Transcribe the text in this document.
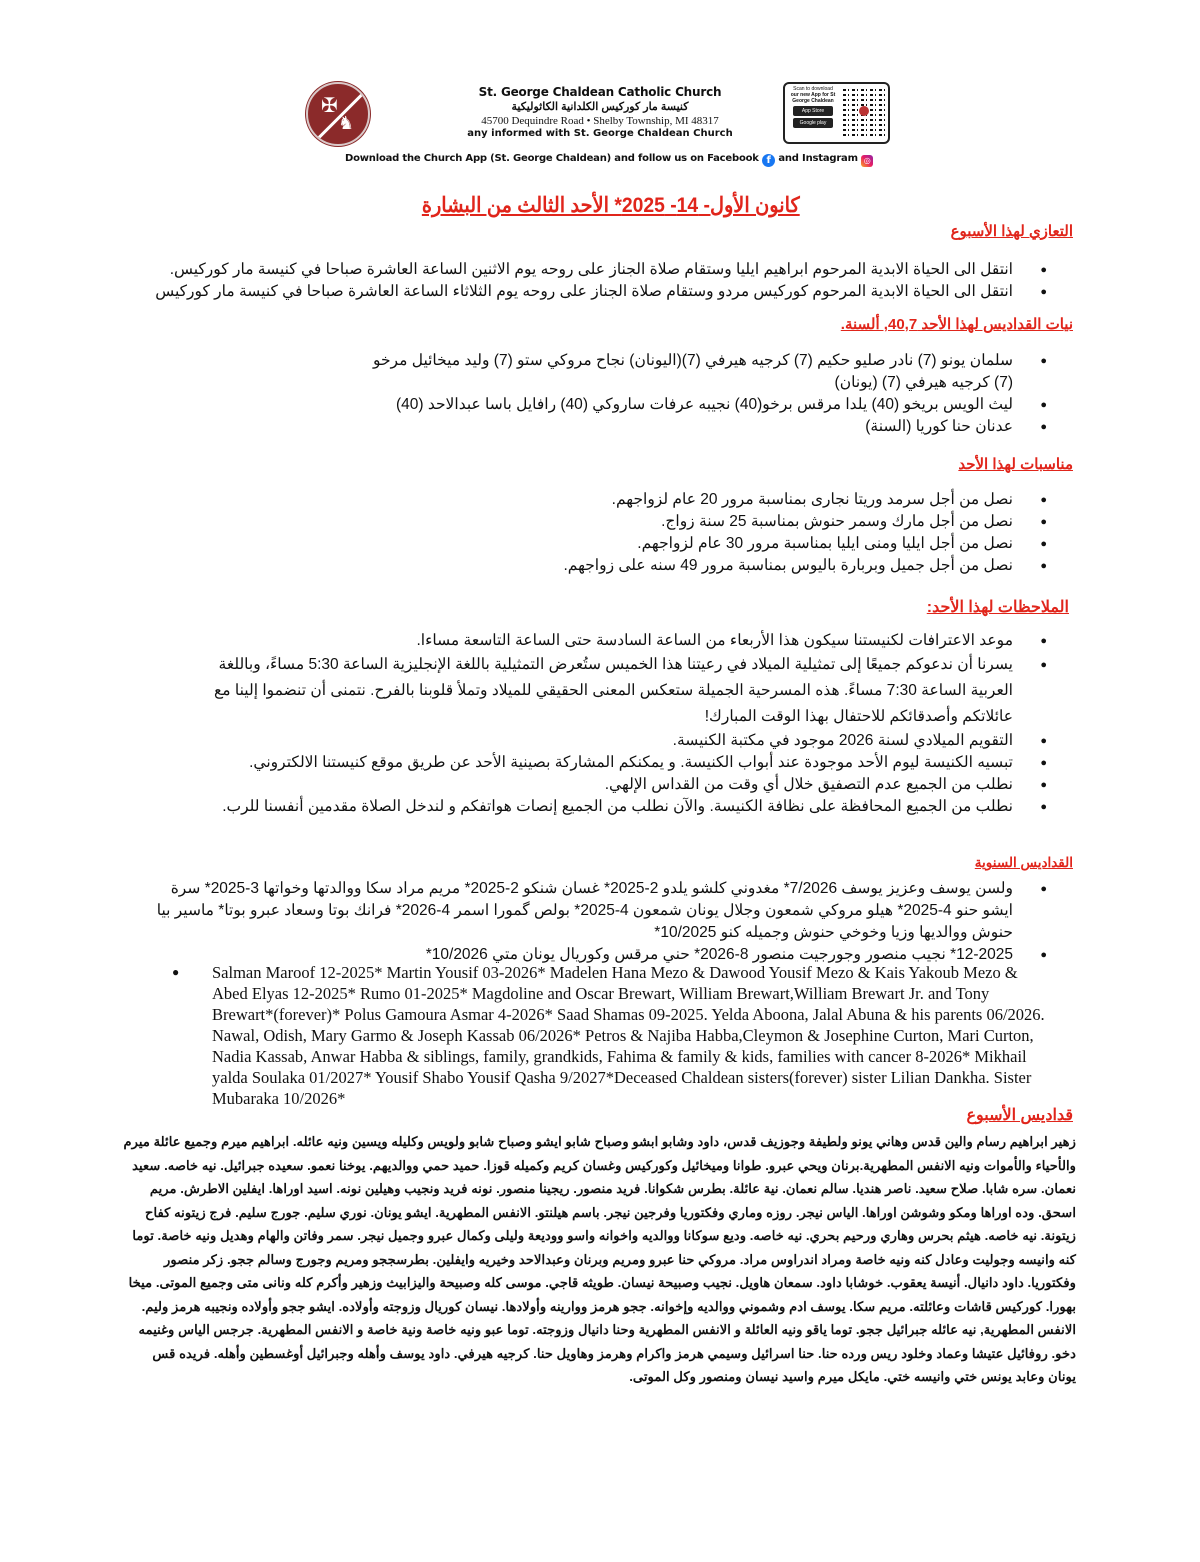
✠
♞
St. George Chaldean Catholic Church
كنيسة مار كوركيس الكلدانية الكاثوليكية
45700 Dequindre Road • Shelby Township, MI 48317
any informed with St. George Chaldean Church
Scan to download
our new App for St George Chaldean
App Store
Google play
Download the Church App (St. George Chaldean) and follow us on Facebook f and Instagram ◎
كانون الأول- 14- 2025* الأحد الثالث من البشارة
التعازي لهذا الأسبوع
● انتقل الى الحياة الابدية المرحوم ابراهيم ايليا وستقام صلاة الجناز على روحه يوم الاثنين الساعة العاشرة صباحا في كنيسة مار كوركيس.
● انتقل الى الحياة الابدية المرحوم كوركيس مردو وستقام صلاة الجناز على روحه يوم الثلاثاء الساعة العاشرة صباحا في كنيسة مار كوركيس
نيات القداديس لهذا الأحد 40,7, ألسنة.
● سلمان يونو (7) نادر صليو حكيم (7) كرجيه هيرفي (7)(اليونان) نجاح مروكي ستو (7) وليد ميخائيل مرخو (7) كرجيه هيرفي (7) (يونان)
● ليث الويس بريخو (40) يلدا مرقس برخو(40) نجيبه عرفات ساروكي (40) رافايل باسا عبدالاحد (40)
● عدنان حنا كوريا (السنة)
مناسبات لهذا الأحد
● نصل من أجل سرمد وريتا نجارى بمناسبة مرور 20 عام لزواجهم.
● نصل من أجل مارك وسمر حنوش بمناسبة 25 سنة زواج.
● نصل من أجل ايليا ومنى ايليا بمناسبة مرور 30 عام لزواجهم.
● نصل من أجل جميل وبربارة باليوس بمناسبة مرور 49 سنه على زواجهم.
الملاحظات لهذا الأحد:
● موعد الاعترافات لكنيستنا سيكون هذا الأربعاء من الساعة السادسة حتى الساعة التاسعة مساءا.
● يسرنا أن ندعوكم جميعًا إلى تمثيلية الميلاد في رعيتنا هذا الخميس ستُعرض التمثيلية باللغة الإنجليزية الساعة 5:30 مساءً، وباللغة العربية الساعة 7:30 مساءً. هذه المسرحية الجميلة ستعكس المعنى الحقيقي للميلاد وتملأ قلوبنا بالفرح. نتمنى أن تنضموا إلينا مع عائلاتكم وأصدقائكم للاحتفال بهذا الوقت المبارك!
● التقويم الميلادي لسنة 2026 موجود في مكتبة الكنيسة.
● تبسيه الكنيسة ليوم الأحد موجودة عند أبواب الكنيسة. و يمكنكم المشاركة بصينية الأحد عن طريق موقع كنيستنا الالكتروني.
● نطلب من الجميع عدم التصفيق خلال أي وقت من القداس الإلهي.
● نطلب من الجميع المحافظة على نظافة الكنيسة. والآن نطلب من الجميع إنصات هواتفكم و لندخل الصلاة مقدمين أنفسنا للرب.
القداديس السنوية
● ولسن يوسف وعزيز يوسف 7/2026* مغدوني كلشو يلدو 2-2025* غسان شنكو 2-2025* مريم مراد سكا ووالدتها وخواتها 3-2025* سرة ايشو حنو 4-2025* هيلو مروكي شمعون وجلال يونان شمعون 4-2025* بولص گمورا اسمر 4-2026* فرانك بوتا وسعاد عبرو بوتا* ماسير بيا حنوش ووالديها وزيا وخوخي حنوش وجميله كنو 10/2025*
● 12-2025* نجيب منصور وجورجيت منصور 8-2026* حني مرقس وكوريال يونان متي 10/2026*
● Salman Maroof 12-2025* Martin Yousif 03-2026* Madelen Hana Mezo & Dawood Yousif Mezo & Kais Yakoub Mezo & Abed Elyas 12-2025* Rumo 01-2025* Magdoline and Oscar Brewart, William Brewart,William Brewart Jr. and Tony Brewart*(forever)* Polus Gamoura Asmar 4-2026* Saad Shamas 09-2025. Yelda Aboona, Jalal Abuna & his parents 06/2026. Nawal, Odish, Mary Garmo & Joseph Kassab 06/2026* Petros & Najiba Habba,Cleymon & Josephine Curton, Mari Curton, Nadia Kassab, Anwar Habba & siblings, family, grandkids, Fahima & family & kids, families with cancer 8-2026* Mikhail yalda Soulaka 01/2027* Yousif Shabo Yousif Qasha 9/2027*Deceased Chaldean sisters(forever) sister Lilian Dankha. Sister Mubaraka 10/2026*
قداديس الأسبوع
زهير ابراهيم رسام والين قدس وهاني يونو ولطيفة وجوزيف قدس، داود وشابو ابشو وصباح شابو ايشو وصباح شابو ولويس وكليله ويسين ونيه عائله. ابراهيم ميرم وجميع عائلة ميرم والأحياء والأموات ونيه الانفس المطهرية.برنان ويحي عبرو. طوانا وميخائيل وكوركيس وغسان كريم وكميله قوزا. حميد حمي ووالديهم. يوخنا نعمو. سعيده جبرائيل. نيه خاصه. سعيد نعمان. سره شابا. صلاح سعيد. ناصر هنديا. سالم نعمان. نية عائلة. بطرس شكوانا. فريد منصور. ريجينا منصور. نونه فريد ونجيب وهيلين نونه. اسيد اوراها. ايفلين الاطرش. مريم اسحق. وده اوراها ومكو وشوشن اوراها. الياس نيجر. روزه وماري وفكتوريا وفرجين نيجر. باسم هيلنتو. الانفس المطهرية. ايشو يونان. نوري سليم. جورج سليم. فرج زيتونه كفاح زيتونة. نيه خاصه. هيثم بحرس وهاري ورحيم بحري. نيه خاصه. وديع سوكانا ووالديه واخوانه واسو ووديعة وليلى وكمال عبرو وجميل نيجر. سمر وفاتن والهام وهديل ونيه خاصة. توما كنه وانيسه وجوليت وعادل كنه ونيه خاصة ومراد اندراوس مراد. مروكي حنا عبرو ومريم وبرنان وعبدالاحد وخيريه وايفلين. بطرسججو ومريم وجورج وسالم ججو. زكر منصور وفكتوريا. داود دانيال. أنيسة يعقوب. خوشابا داود. سمعان هاويل. نجيب وصبيحة نيسان. طويثه قاجي. موسى كله وصبيحة واليزابيث وزهير وأكرم كله ونانى متى وجميع الموتى. ميخا بهورا. كوركيس قاشات وعائلته. مريم سكا. يوسف ادم وشموني ووالديه وإخوانه. ججو هرمز ووارينه وأولادها. نيسان كوريال وزوجته وأولاده. ايشو ججو وأولاده ونجيبه هرمز وليم. الانفس المطهرية, نيه عائله جبرائيل ججو. توما ياقو ونيه العائلة و الانفس المطهرية وحنا دانيال وزوجته. توما عبو ونيه خاصة ونية خاصة و الانفس المطهرية. جرجس الياس وغنيمه دخو. روفائيل عتيشا وعماد وخلود ريس ورده حنا. حنا اسرائيل وسيمي هرمز واكرام وهرمز وهاويل حنا. كرجيه هيرفي. داود يوسف وأهله وجبرائيل أوغسطين وأهله. فريده قس يونان وعابد يونس ختي وانيسه ختي. مايكل ميرم واسيد نيسان ومنصور وكل الموتى.
